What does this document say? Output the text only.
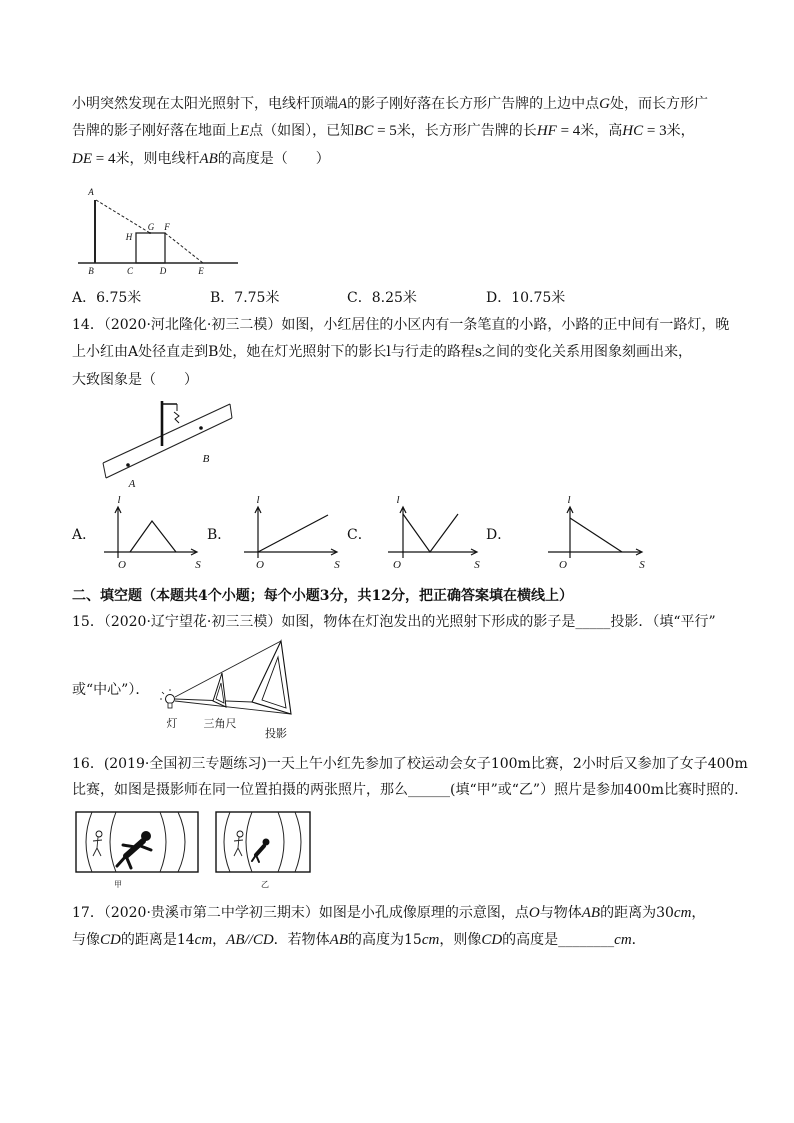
小明突然发现在太阳光照射下，电线杆顶端A的影子刚好落在长方形广告牌的上边中点G处，而长方形广
告牌的影子刚好落在地面上E点（如图），已知BC = 5米，长方形广告牌的长HF = 4米，高HC = 3米，
DE = 4米，则电线杆AB的高度是（　　）
A
H
G F
B	C	D	E
A．6.75米	B．7.75米	C．8.25米	D．10.75米
14．（2020·河北隆化·初三二模）如图，小红居住的小区内有一条笔直的小路，小路的正中间有一路灯，晚
上小红由A处径直走到B处，她在灯光照射下的影长l与行走的路程s之间的变化关系用图象刻画出来，
大致图象是（　　）
A
B
A．	B．	C．	D．
l
O	S
l
O	S
l
O	S
l
O	S
二、填空题（本题共4个小题；每个小题3分，共12分，把正确答案填在横线上）
15．（2020·辽宁望花·初三三模）如图，物体在灯泡发出的光照射下形成的影子是_____投影．（填“平行”
或“中心”）．
灯 三角尺
投影
16．(2019·全国初三专题练习)一天上午小红先参加了校运动会女子100m比赛，2小时后又参加了女子400m
比赛，如图是摄影师在同一位置拍摄的两张照片，那么______(填“甲”或“乙”）照片是参加400m比赛时照的.
甲	乙
17．（2020·贵溪市第二中学初三期末）如图是小孔成像原理的示意图，点O与物体AB的距离为30cm，
与像CD的距离是14cm，AB//CD．若物体AB的高度为15cm，则像CD的高度是________cm．
